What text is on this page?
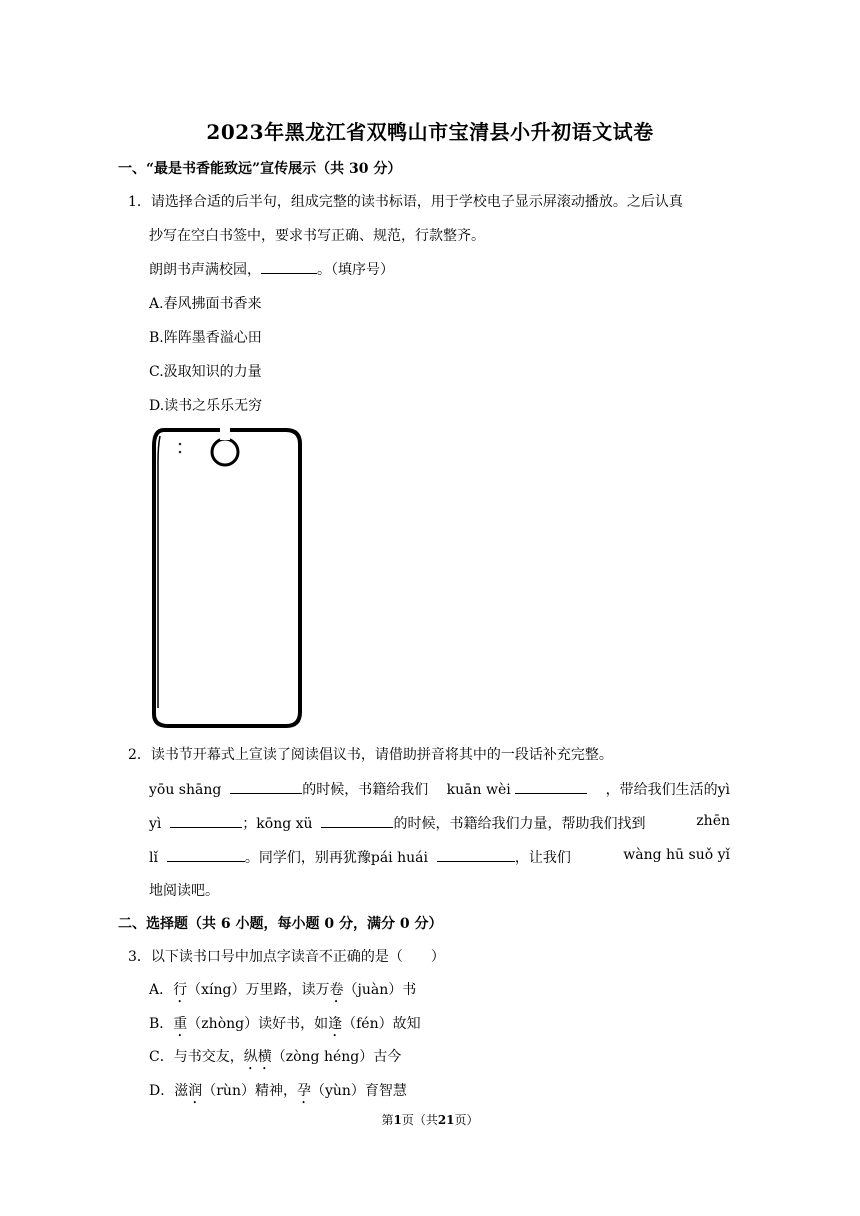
2023年黑龙江省双鸭山市宝清县小升初语文试卷
一、“最是书香能致远”宣传展示（共 30 分）
1．请选择合适的后半句，组成完整的读书标语，用于学校电子显示屏滚动播放。之后认真
抄写在空白书签中，要求书写正确、规范，行款整齐。
朗朗书声满校园，	。（填序号）
A.春风拂面书香来
B.阵阵墨香溢心田
C.汲取知识的力量
D.读书之乐乐无穷
2．读书节开幕式上宣读了阅读倡议书，请借助拼音将其中的一段话补充完整。
yōu shāng	的时候，书籍给我们 kuān wèi	，带给我们生活的yì
yì	；kōng xü	的时候，书籍给我们力量，帮助我们找到	zhēn
lǐ	。同学们，别再犹豫pái huái	，让我们	wàng hū suǒ yǐ
地阅读吧。
二、选择题（共 6 小题，每小题 0 分，满分 0 分）
3．以下读书口号中加点字读音不正确的是（　　）
A．行（xíng）万里路，读万卷（juàn）书
B．重（zhòng）读好书，如逢（fén）故知
C．与书交友，纵横（zòng héng）古今
D．滋润（rùn）精神，孕（yùn）育智慧
第1页（共21页）
